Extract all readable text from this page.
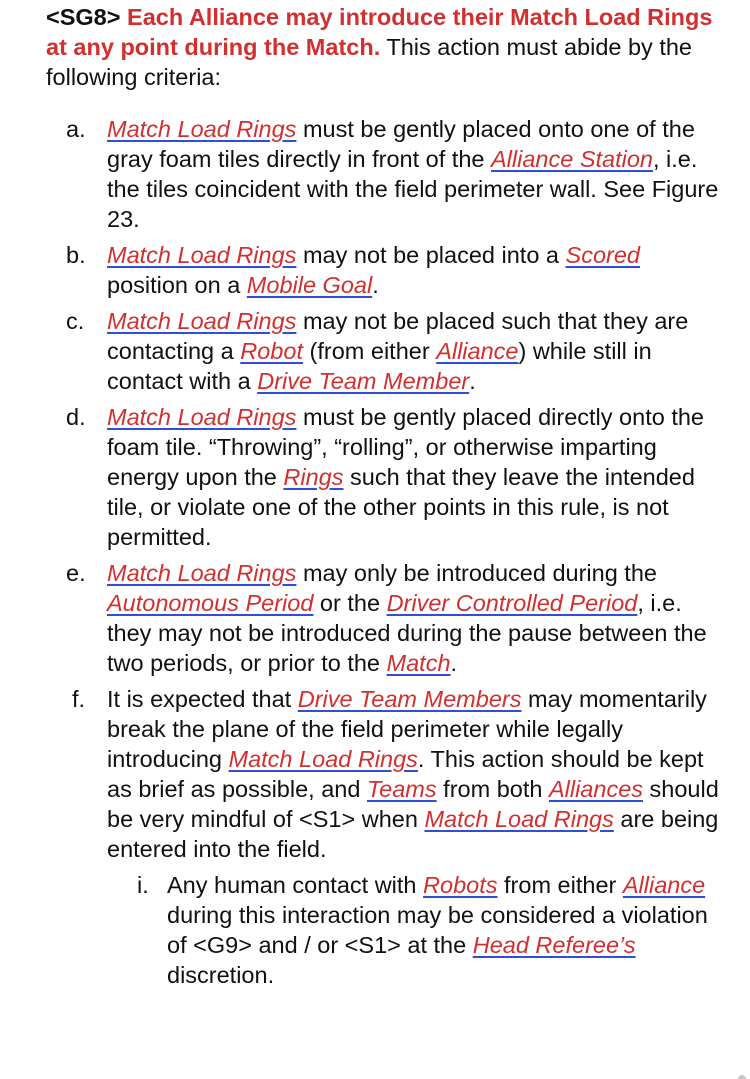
<SG8> Each Alliance may introduce their Match Load Rings at any point during the Match. This action must abide by the following criteria:

a. Match Load Rings must be gently placed onto one of the gray foam tiles directly in front of the Alliance Station, i.e. the tiles coincident with the field perimeter wall. See Figure 23.
b. Match Load Rings may not be placed into a Scored position on a Mobile Goal.
c. Match Load Rings may not be placed such that they are contacting a Robot (from either Alliance) while still in contact with a Drive Team Member.
d. Match Load Rings must be gently placed directly onto the foam tile. “Throwing”, “rolling”, or otherwise imparting energy upon the Rings such that they leave the intended tile, or violate one of the other points in this rule, is not permitted.
e. Match Load Rings may only be introduced during the Autonomous Period or the Driver Controlled Period, i.e. they may not be introduced during the pause between the two periods, or prior to the Match.
f. It is expected that Drive Team Members may momentarily break the plane of the field perimeter while legally introducing Match Load Rings. This action should be kept as brief as possible, and Teams from both Alliances should be very mindful of <S1> when Match Load Rings are being entered into the field.
i. Any human contact with Robots from either Alliance during this interaction may be considered a violation of <G9> and / or <S1> at the Head Referee’s discretion.
